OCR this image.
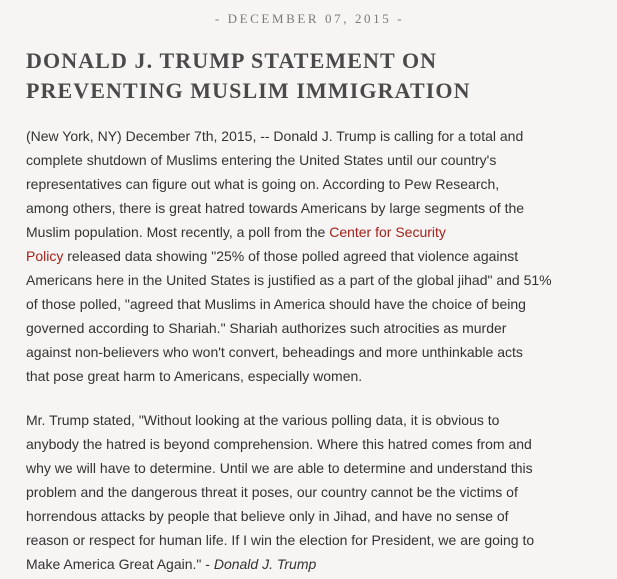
- DECEMBER 07, 2015 -
DONALD J. TRUMP STATEMENT ON
PREVENTING MUSLIM IMMIGRATION

(New York, NY) December 7th, 2015, -- Donald J. Trump is calling for a total and
complete shutdown of Muslims entering the United States until our country's
representatives can figure out what is going on. According to Pew Research,
among others, there is great hatred towards Americans by large segments of the
Muslim population. Most recently, a poll from the Center for Security
Policy released data showing "25% of those polled agreed that violence against
Americans here in the United States is justified as a part of the global jihad" and 51%
of those polled, "agreed that Muslims in America should have the choice of being
governed according to Shariah." Shariah authorizes such atrocities as murder
against non-believers who won't convert, beheadings and more unthinkable acts
that pose great harm to Americans, especially women.

Mr. Trump stated, "Without looking at the various polling data, it is obvious to
anybody the hatred is beyond comprehension. Where this hatred comes from and
why we will have to determine. Until we are able to determine and understand this
problem and the dangerous threat it poses, our country cannot be the victims of
horrendous attacks by people that believe only in Jihad, and have no sense of
reason or respect for human life. If I win the election for President, we are going to
Make America Great Again." - Donald J. Trump
